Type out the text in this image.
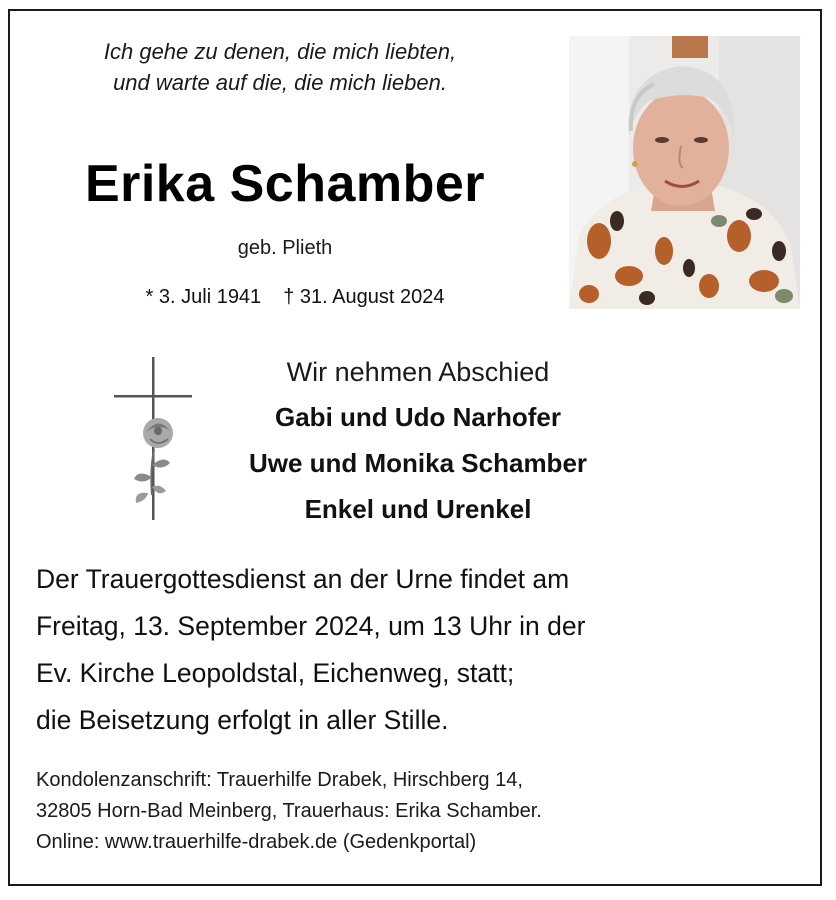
Ich gehe zu denen, die mich liebten,
und warte auf die, die mich lieben.
Erika Schamber
geb. Plieth
* 3. Juli 1941 † 31. August 2024
Wir nehmen Abschied
Gabi und Udo Narhofer
Uwe und Monika Schamber
Enkel und Urenkel
Der Trauergottesdienst an der Urne findet am
Freitag, 13. September 2024, um 13 Uhr in der
Ev. Kirche Leopoldstal, Eichenweg, statt;
die Beisetzung erfolgt in aller Stille.
Kondolenzanschrift: Trauerhilfe Drabek, Hirschberg 14,
32805 Horn-Bad Meinberg, Trauerhaus: Erika Schamber.
Online: www.trauerhilfe-drabek.de (Gedenkportal)
